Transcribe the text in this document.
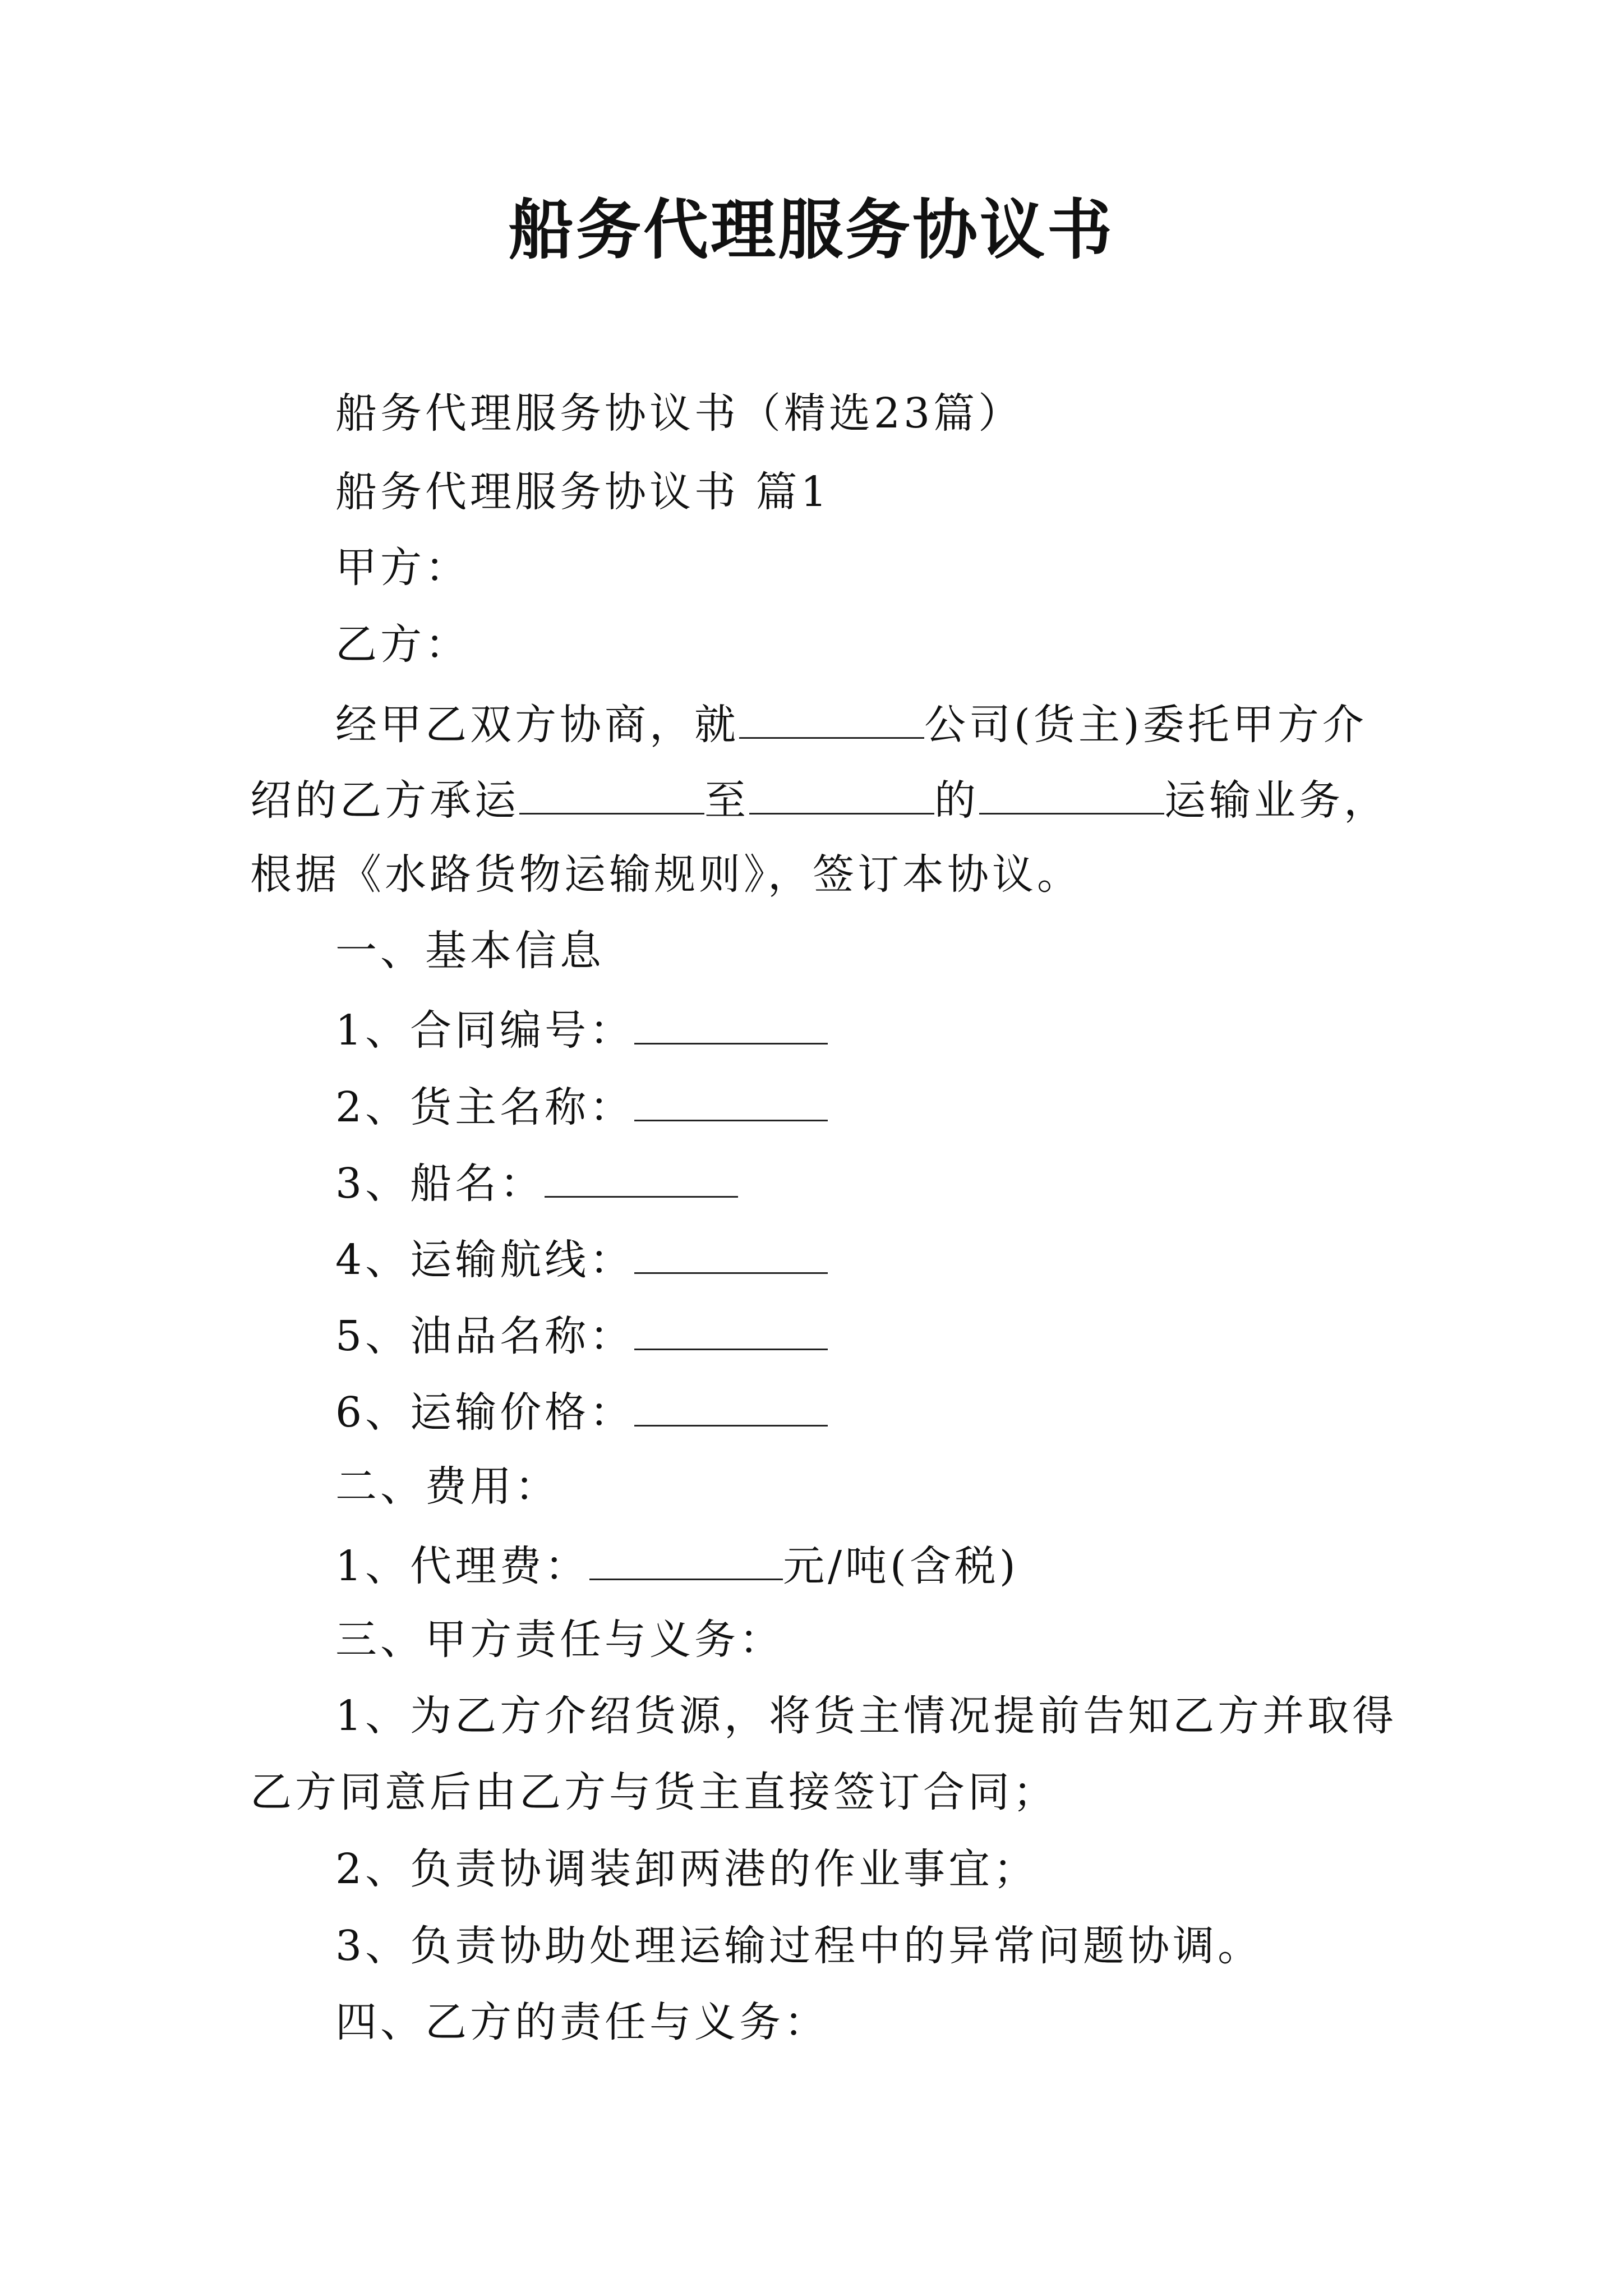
船务代理服务协议书
船务代理服务协议书（精选23篇）
船务代理服务协议书 篇1
甲方：
乙方：
经甲乙双方协商，就	公司(货主)委托甲方介
绍的乙方承运	至	的	运输业务，
根据《水路货物运输规则》，签订本协议。
一、基本信息
1、合同编号：
2、货主名称：
3、船名：
4、运输航线：
5、油品名称：
6、运输价格：
二、费用：
1、代理费：	元/吨(含税)
三、甲方责任与义务：
1、为乙方介绍货源，将货主情况提前告知乙方并取得
乙方同意后由乙方与货主直接签订合同；
2、负责协调装卸两港的作业事宜；
3、负责协助处理运输过程中的异常问题协调。
四、乙方的责任与义务：
